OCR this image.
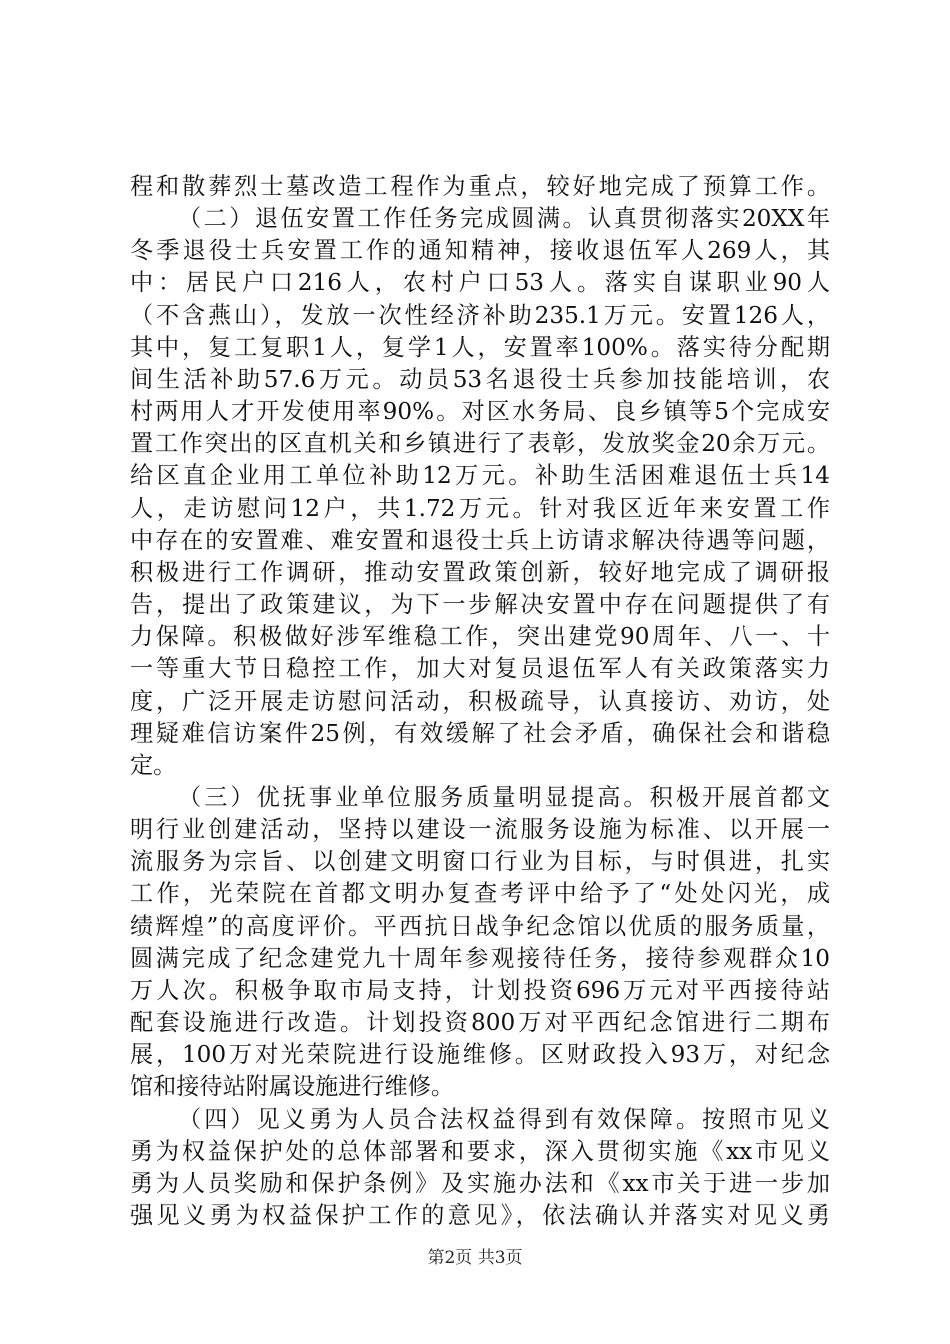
程和散葬烈士墓改造工程作为重点，较好地完成了预算工作。
（二）退伍安置工作任务完成圆满。认真贯彻落实20XX年
冬季退役士兵安置工作的通知精神，接收退伍军人269人，其
中：居民户口216人，农村户口53人。落实自谋职业90人
（不含燕山），发放一次性经济补助235.1万元。安置126人，
其中，复工复职1人，复学1人，安置率100%。落实待分配期
间生活补助57.6万元。动员53名退役士兵参加技能培训，农
村两用人才开发使用率90%。对区水务局、良乡镇等5个完成安
置工作突出的区直机关和乡镇进行了表彰，发放奖金20余万元。
给区直企业用工单位补助12万元。补助生活困难退伍士兵14
人，走访慰问12户，共1.72万元。针对我区近年来安置工作
中存在的安置难、难安置和退役士兵上访请求解决待遇等问题，
积极进行工作调研，推动安置政策创新，较好地完成了调研报
告，提出了政策建议，为下一步解决安置中存在问题提供了有
力保障。积极做好涉军维稳工作，突出建党90周年、八一、十
一等重大节日稳控工作，加大对复员退伍军人有关政策落实力
度，广泛开展走访慰问活动，积极疏导，认真接访、劝访，处
理疑难信访案件25例，有效缓解了社会矛盾，确保社会和谐稳
定。
（三）优抚事业单位服务质量明显提高。积极开展首都文
明行业创建活动，坚持以建设一流服务设施为标准、以开展一
流服务为宗旨、以创建文明窗口行业为目标，与时俱进，扎实
工作，光荣院在首都文明办复查考评中给予了“处处闪光，成
绩辉煌”的高度评价。平西抗日战争纪念馆以优质的服务质量，
圆满完成了纪念建党九十周年参观接待任务，接待参观群众10
万人次。积极争取市局支持，计划投资696万元对平西接待站
配套设施进行改造。计划投资800万对平西纪念馆进行二期布
展，100万对光荣院进行设施维修。区财政投入93万，对纪念
馆和接待站附属设施进行维修。
（四）见义勇为人员合法权益得到有效保障。按照市见义
勇为权益保护处的总体部署和要求，深入贯彻实施《xx市见义
勇为人员奖励和保护条例》及实施办法和《xx市关于进一步加
强见义勇为权益保护工作的意见》，依法确认并落实对见义勇
第2页 共3页
